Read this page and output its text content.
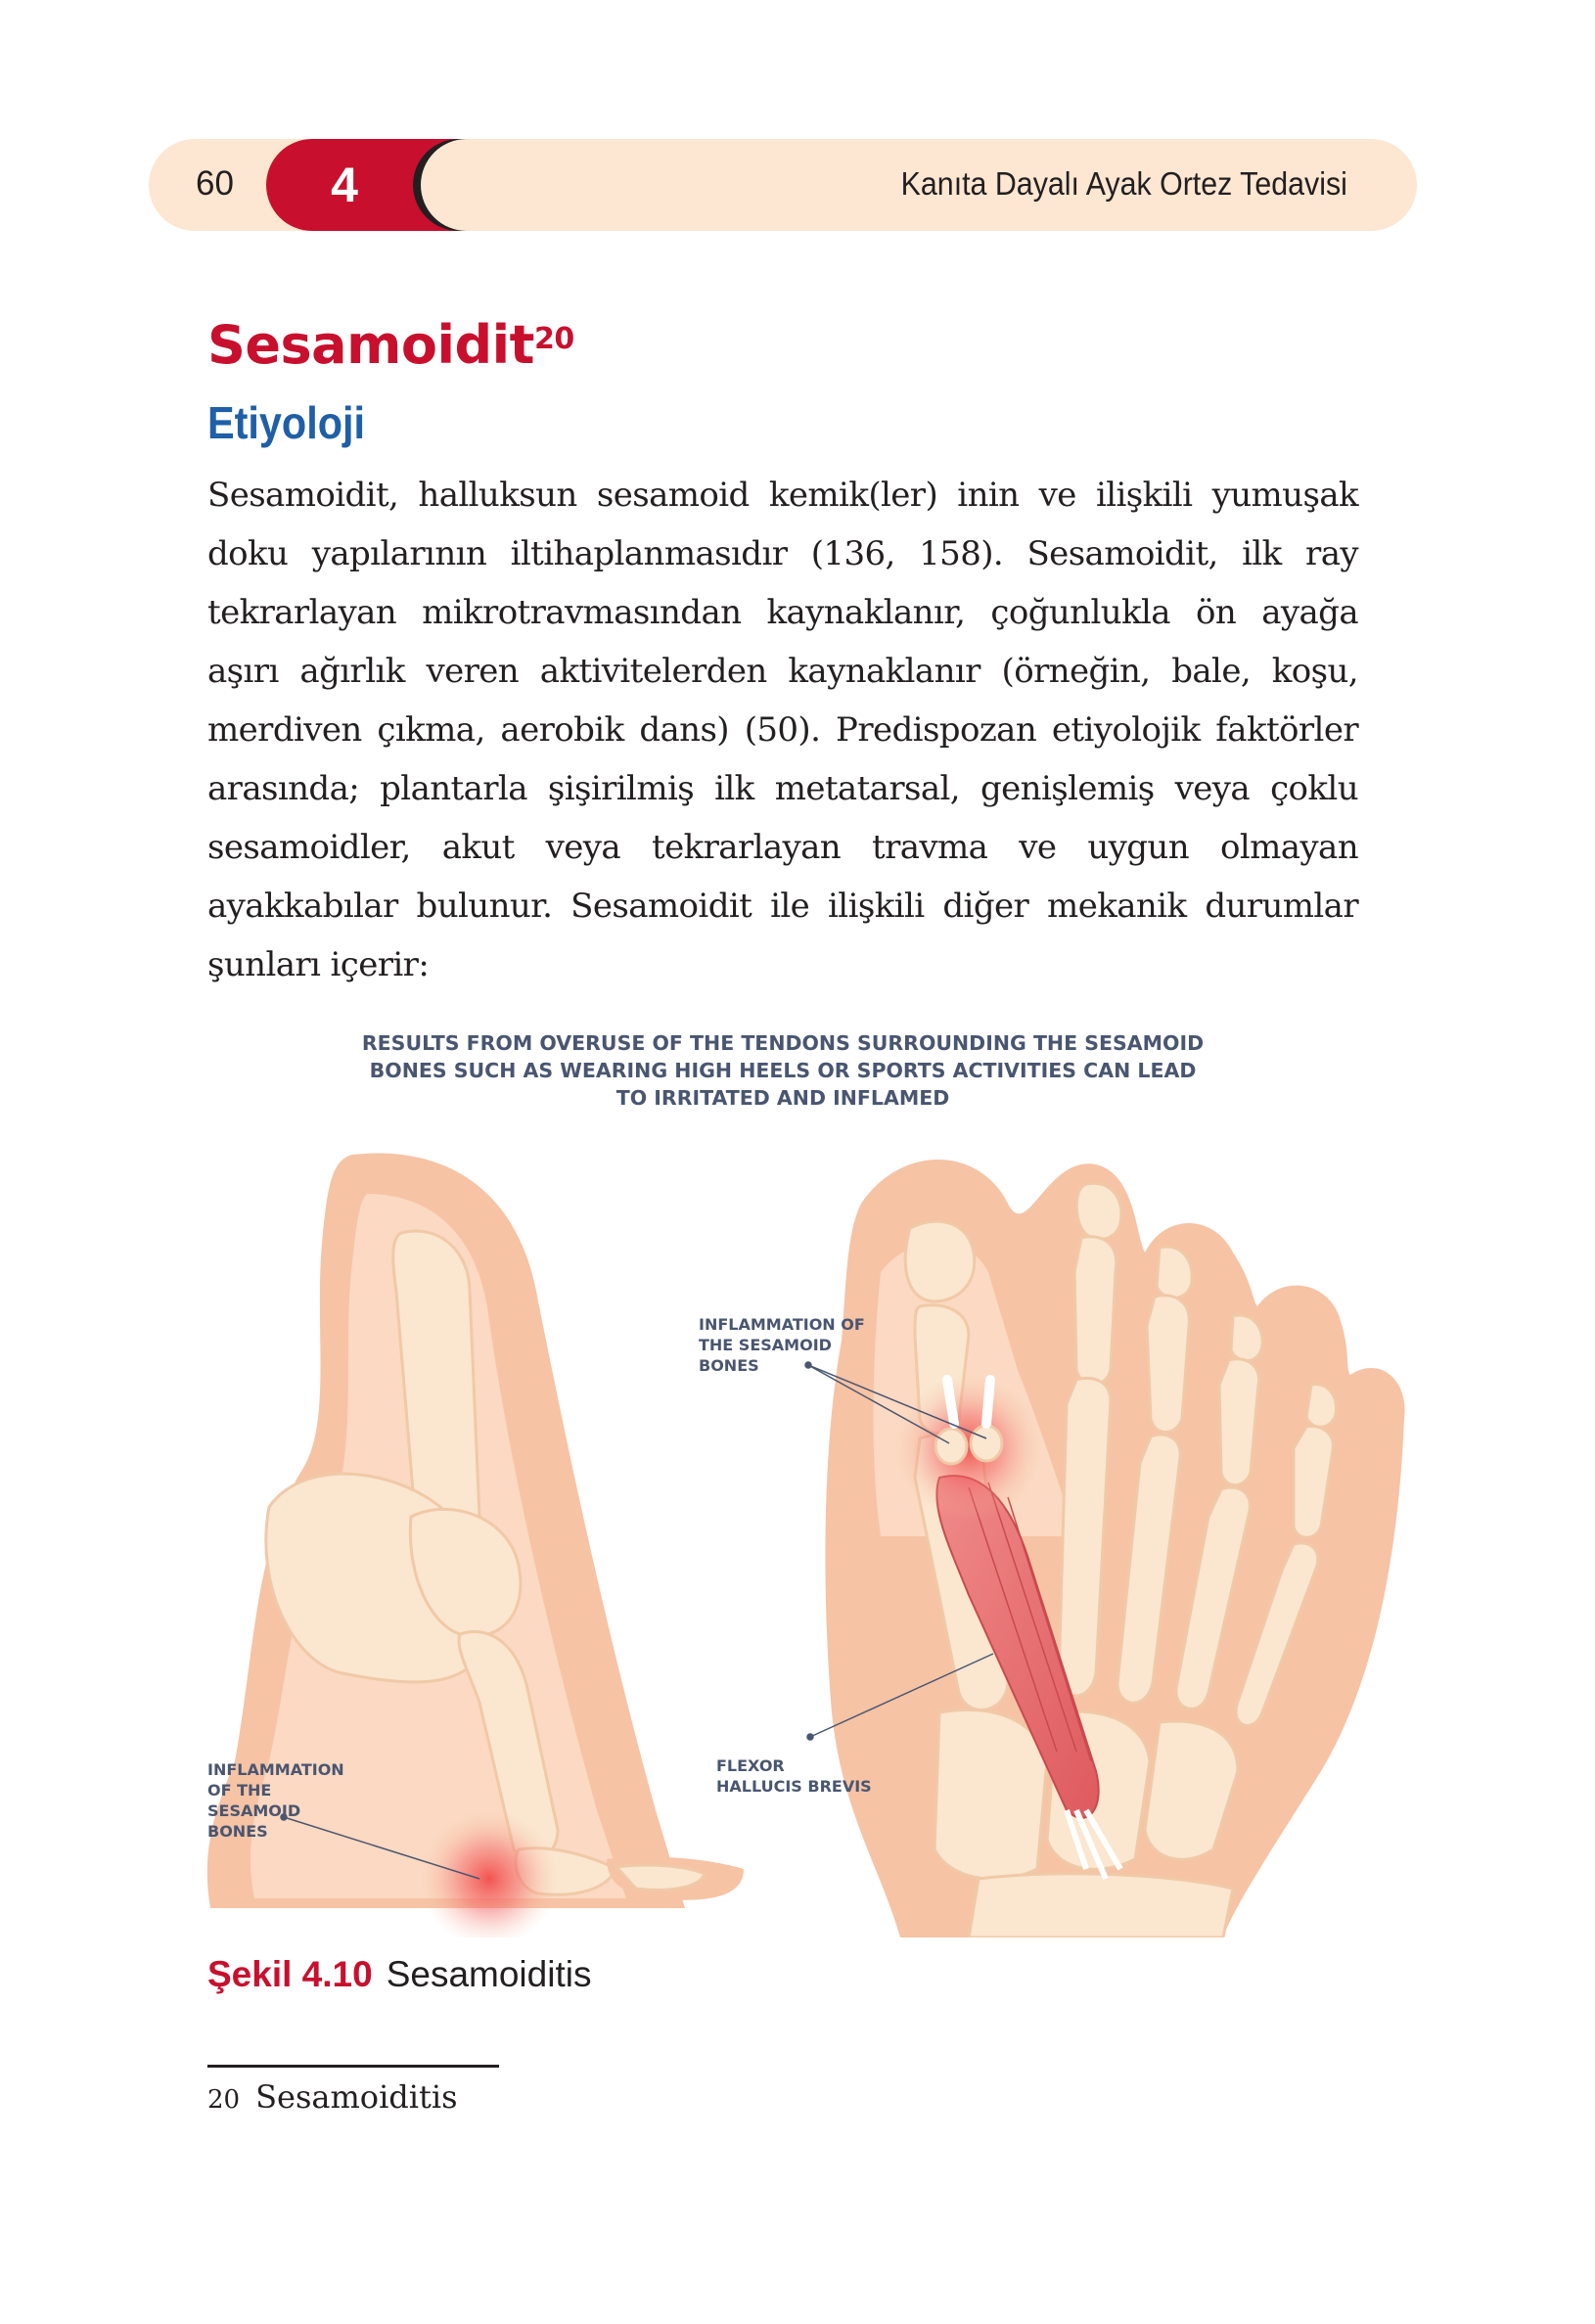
60	4	Kanıta Dayalı Ayak Ortez Tedavisi
Sesamoidit$^{20}$
Etiyoloji

Sesamoidit, halluksun sesamoid kemik(ler) inin ve ilişkili yumuşak doku yapılarının iltihaplanmasıdır (136, 158). Sesamoidit, ilk ray tekrarlayan mikrotravmasından kaynaklanır, çoğunlukla ön ayağa aşırı ağırlık veren aktivitelerden kaynaklanır (örneğin, bale, koşu, merdiven çıkma, aerobik dans) (50). Predispozan etiyolojik faktörler arasında; plantarla şişirilmiş ilk metatarsal, genişlemiş veya çoklu sesamoidler, akut veya tekrarlayan travma ve uygun olmayan ayakkabılar bulunur. Sesamoidit ile ilişkili diğer mekanik durumlar şunları içerir:

RESULTS FROM OVERUSE OF THE TENDONS SURROUNDING THE SESAMOID BONES SUCH AS WEARING HIGH HEELS OR SPORTS ACTIVITIES CAN LEAD TO IRRITATED AND INFLAMED
INFLAMMATION OF THE SESAMOID BONES
INFLAMMATION OF THE SESAMOID BONES
FLEXOR HALLUCIS BREVIS
Şekil 4.10 Sesamoiditis
20 Sesamoiditis
